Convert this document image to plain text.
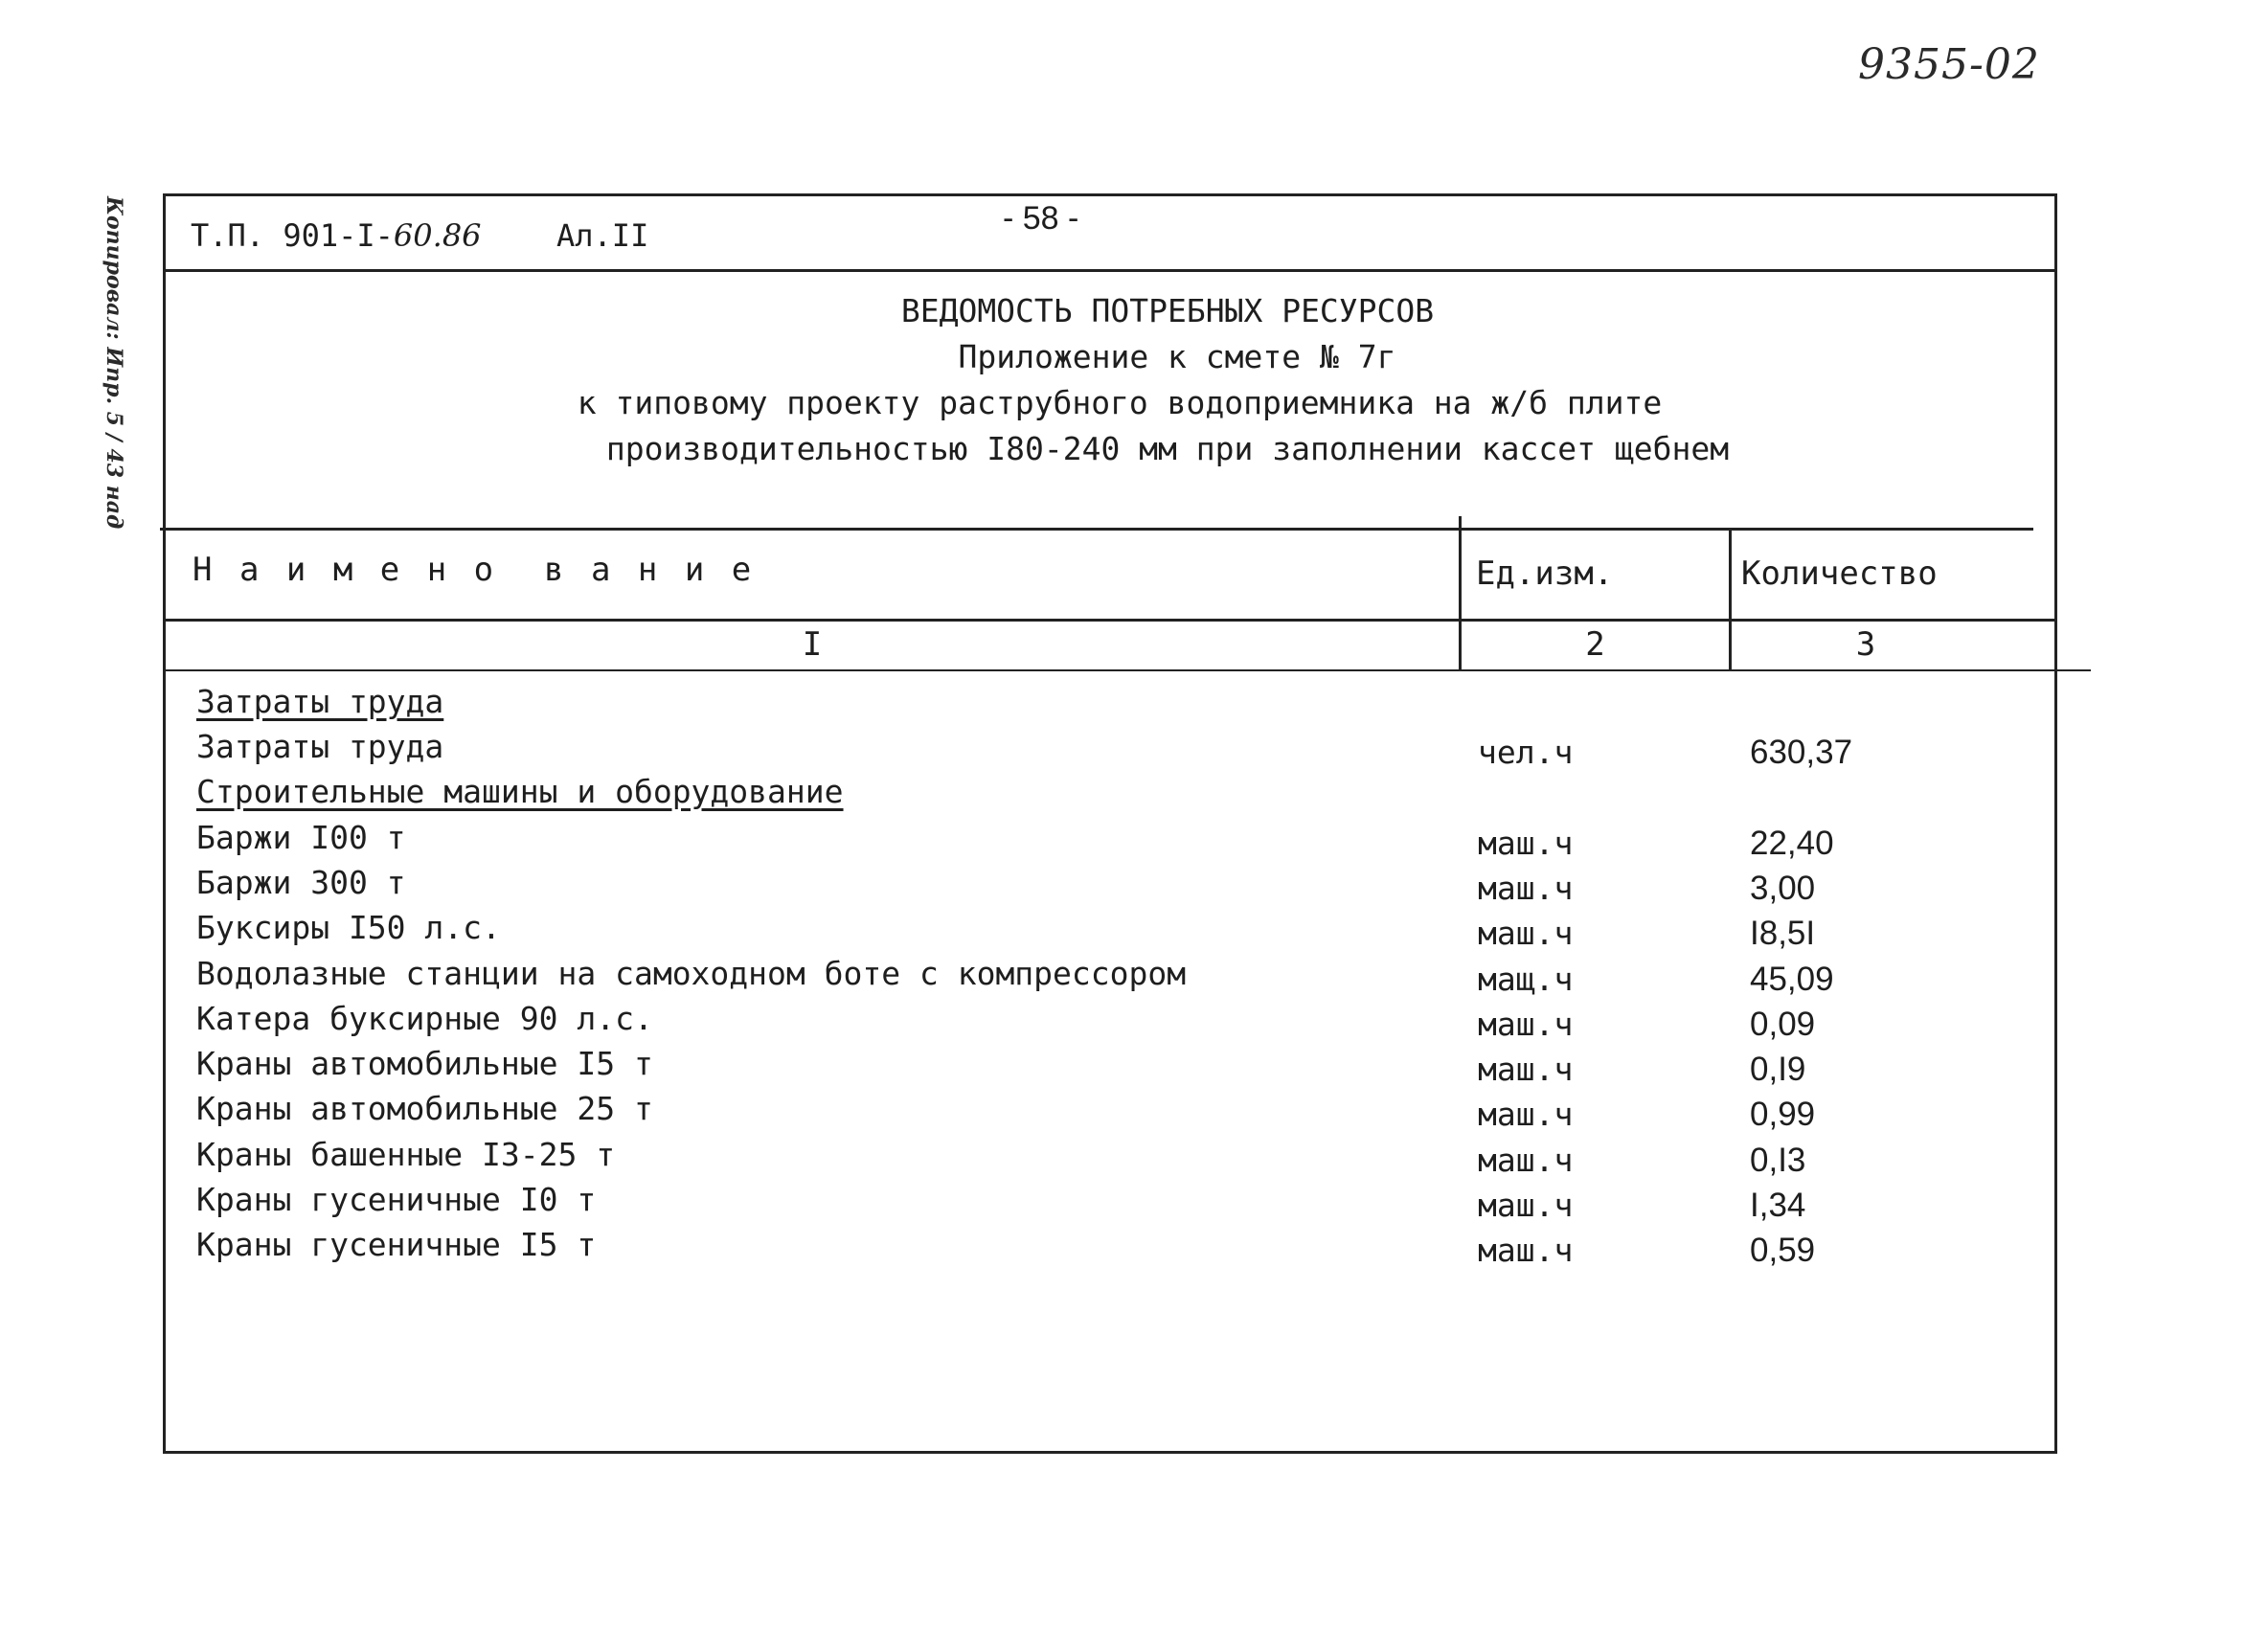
9355-02
Копировал: Ипр. 5 / 43 над Т.П. 901-I-60.86 Ал.II	- 58 -
ВЕДОМОСТЬ ПОТРЕБНЫХ РЕСУРСОВ
Приложение к смете № 7г
к типовому проекту раструбного водоприемника на ж/б плите
производительностью I80-240 мм при заполнении кассет щебнем
Н а и м е н о  в а н и е	Ед.изм.	Количество
I	2	3
Затраты труда
Затраты труда	чел.ч	630,37
Строительные машины и оборудование
Баржи I00 т	маш.ч	22,40
Баржи 300 т	маш.ч	3,00
Буксиры I50 л.с.	маш.ч	I8,5I
Водолазные станции на самоходном боте с компрессором	мащ.ч	45,09
Катера буксирные 90 л.с.	маш.ч	0,09
Краны автомобильные I5 т	маш.ч	0,I9
Краны автомобильные 25 т	маш.ч	0,99
Краны башенные I3-25 т	маш.ч	0,I3
Краны гусеничные I0 т	маш.ч	I,34
Краны гусеничные I5 т	маш.ч	0,59
